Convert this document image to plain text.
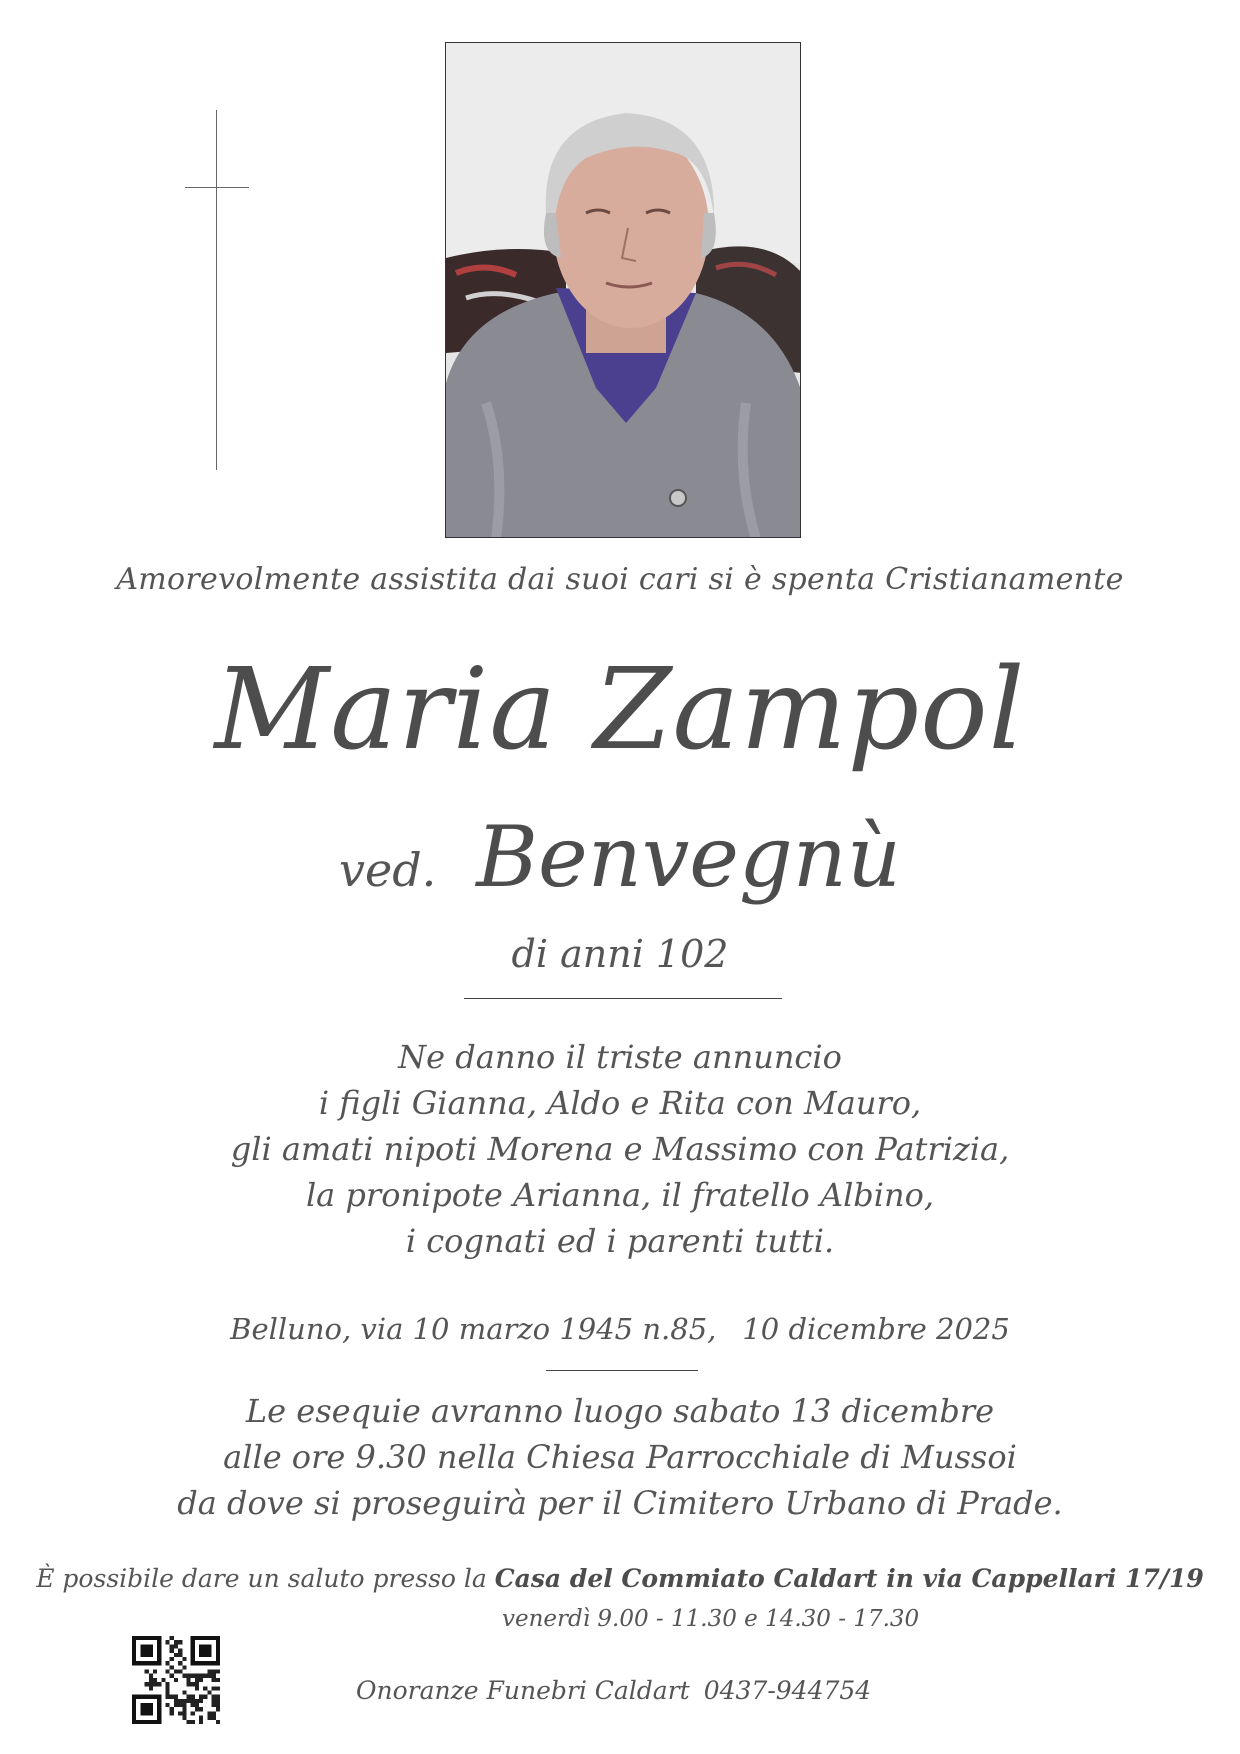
Amorevolmente assistita dai suoi cari si è spenta Cristianamente
Maria Zampol
ved. Benvegnù
di anni 102
Ne danno il triste annuncio
i figli Gianna, Aldo e Rita con Mauro,
gli amati nipoti Morena e Massimo con Patrizia,
la pronipote Arianna, il fratello Albino,
i cognati ed i parenti tutti.
Belluno, via 10 marzo 1945 n.85, 10 dicembre 2025
Le esequie avranno luogo sabato 13 dicembre
alle ore 9.30 nella Chiesa Parrocchiale di Mussoi
da dove si proseguirà per il Cimitero Urbano di Prade.
È possibile dare un saluto presso la Casa del Commiato Caldart in via Cappellari 17/19
venerdì 9.00 - 11.30 e 14.30 - 17.30
Onoranze Funebri Caldart 0437-944754
